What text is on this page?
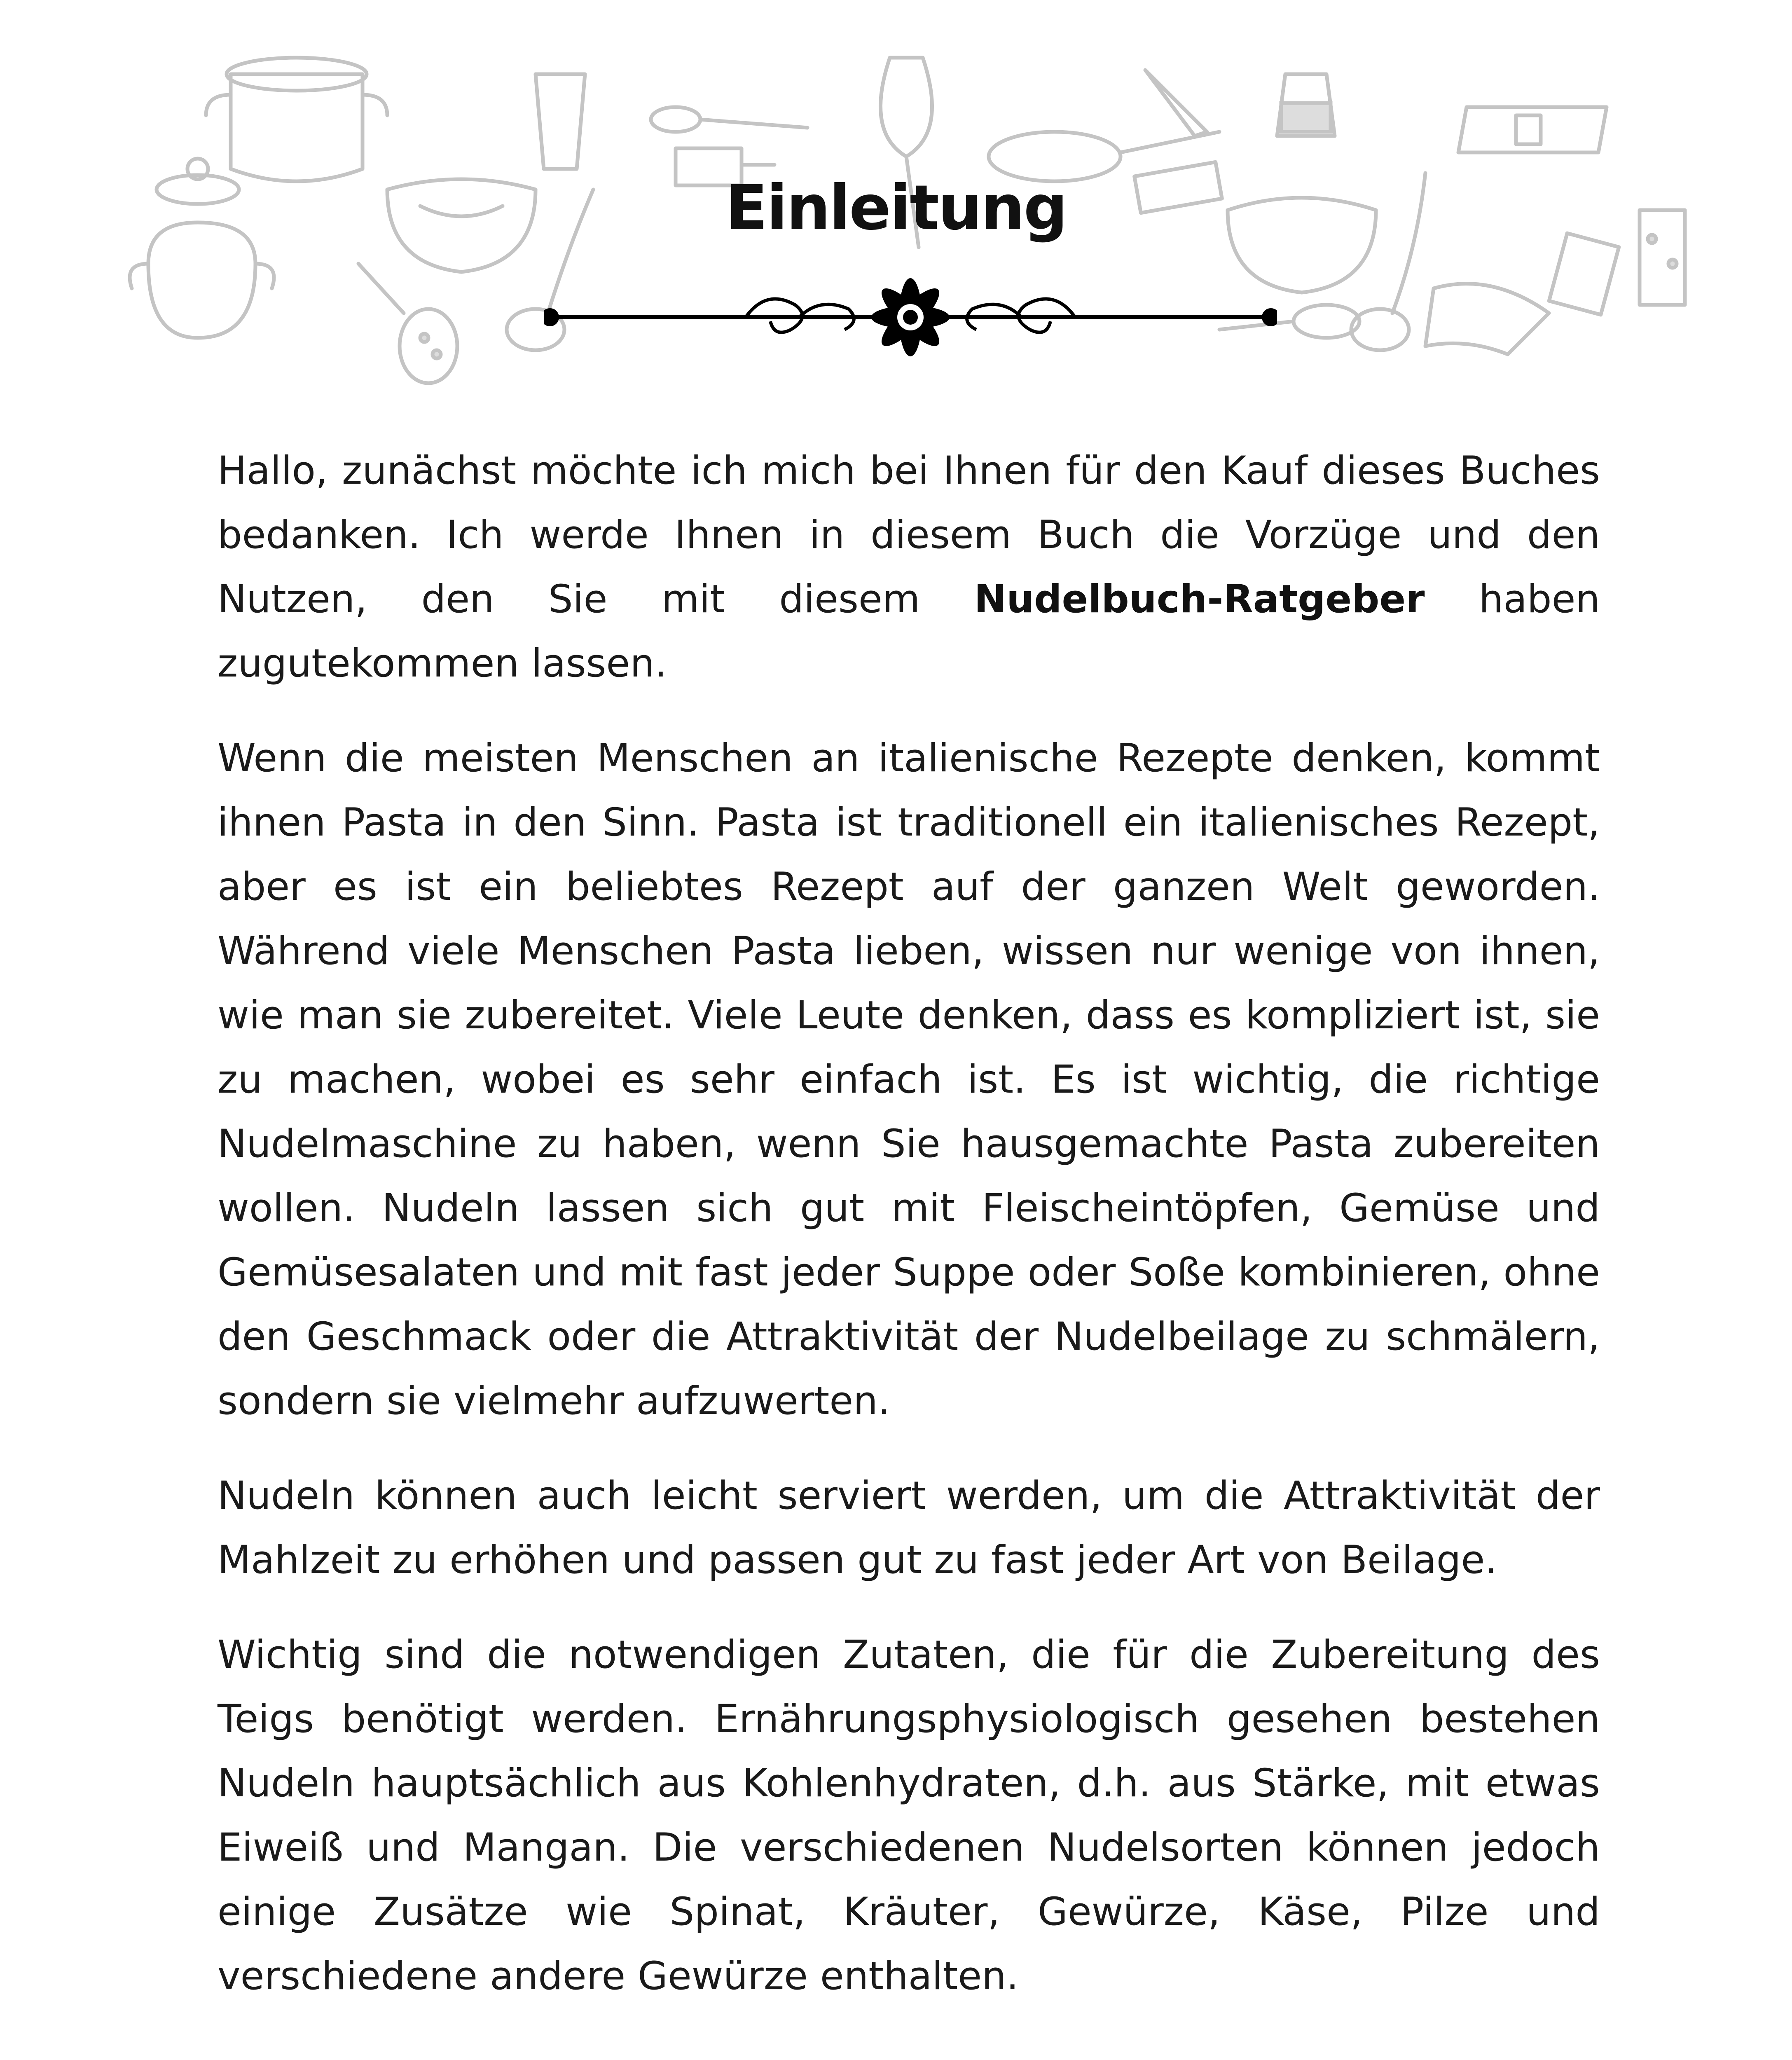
Einleitung

Hallo, zunächst möchte ich mich bei Ihnen für den Kauf dieses Buches bedanken. Ich werde Ihnen in diesem Buch die Vorzüge und den Nutzen, den Sie mit diesem Nudelbuch-Ratgeber haben zugutekommen lassen.

Wenn die meisten Menschen an italienische Rezepte denken, kommt ihnen Pasta in den Sinn. Pasta ist traditionell ein italienisches Rezept, aber es ist ein beliebtes Rezept auf der ganzen Welt geworden. Während viele Menschen Pasta lieben, wissen nur wenige von ihnen, wie man sie zubereitet. Viele Leute denken, dass es kompliziert ist, sie zu machen, wobei es sehr einfach ist. Es ist wichtig, die richtige Nudelmaschine zu haben, wenn Sie hausgemachte Pasta zubereiten wollen. Nudeln lassen sich gut mit Fleischeintöpfen, Gemüse und Gemüsesalaten und mit fast jeder Suppe oder Soße kombinieren, ohne den Geschmack oder die Attraktivität der Nudelbeilage zu schmälern, sondern sie vielmehr aufzuwerten.

Nudeln können auch leicht serviert werden, um die Attraktivität der Mahlzeit zu erhöhen und passen gut zu fast jeder Art von Beilage.

Wichtig sind die notwendigen Zutaten, die für die Zubereitung des Teigs benötigt werden. Ernährungsphysiologisch gesehen bestehen Nudeln hauptsächlich aus Kohlenhydraten, d.h. aus Stärke, mit etwas Eiweiß und Mangan. Die verschiedenen Nudelsorten können jedoch einige Zusätze wie Spinat, Kräuter, Gewürze, Käse, Pilze und verschiedene andere Gewürze enthalten.
